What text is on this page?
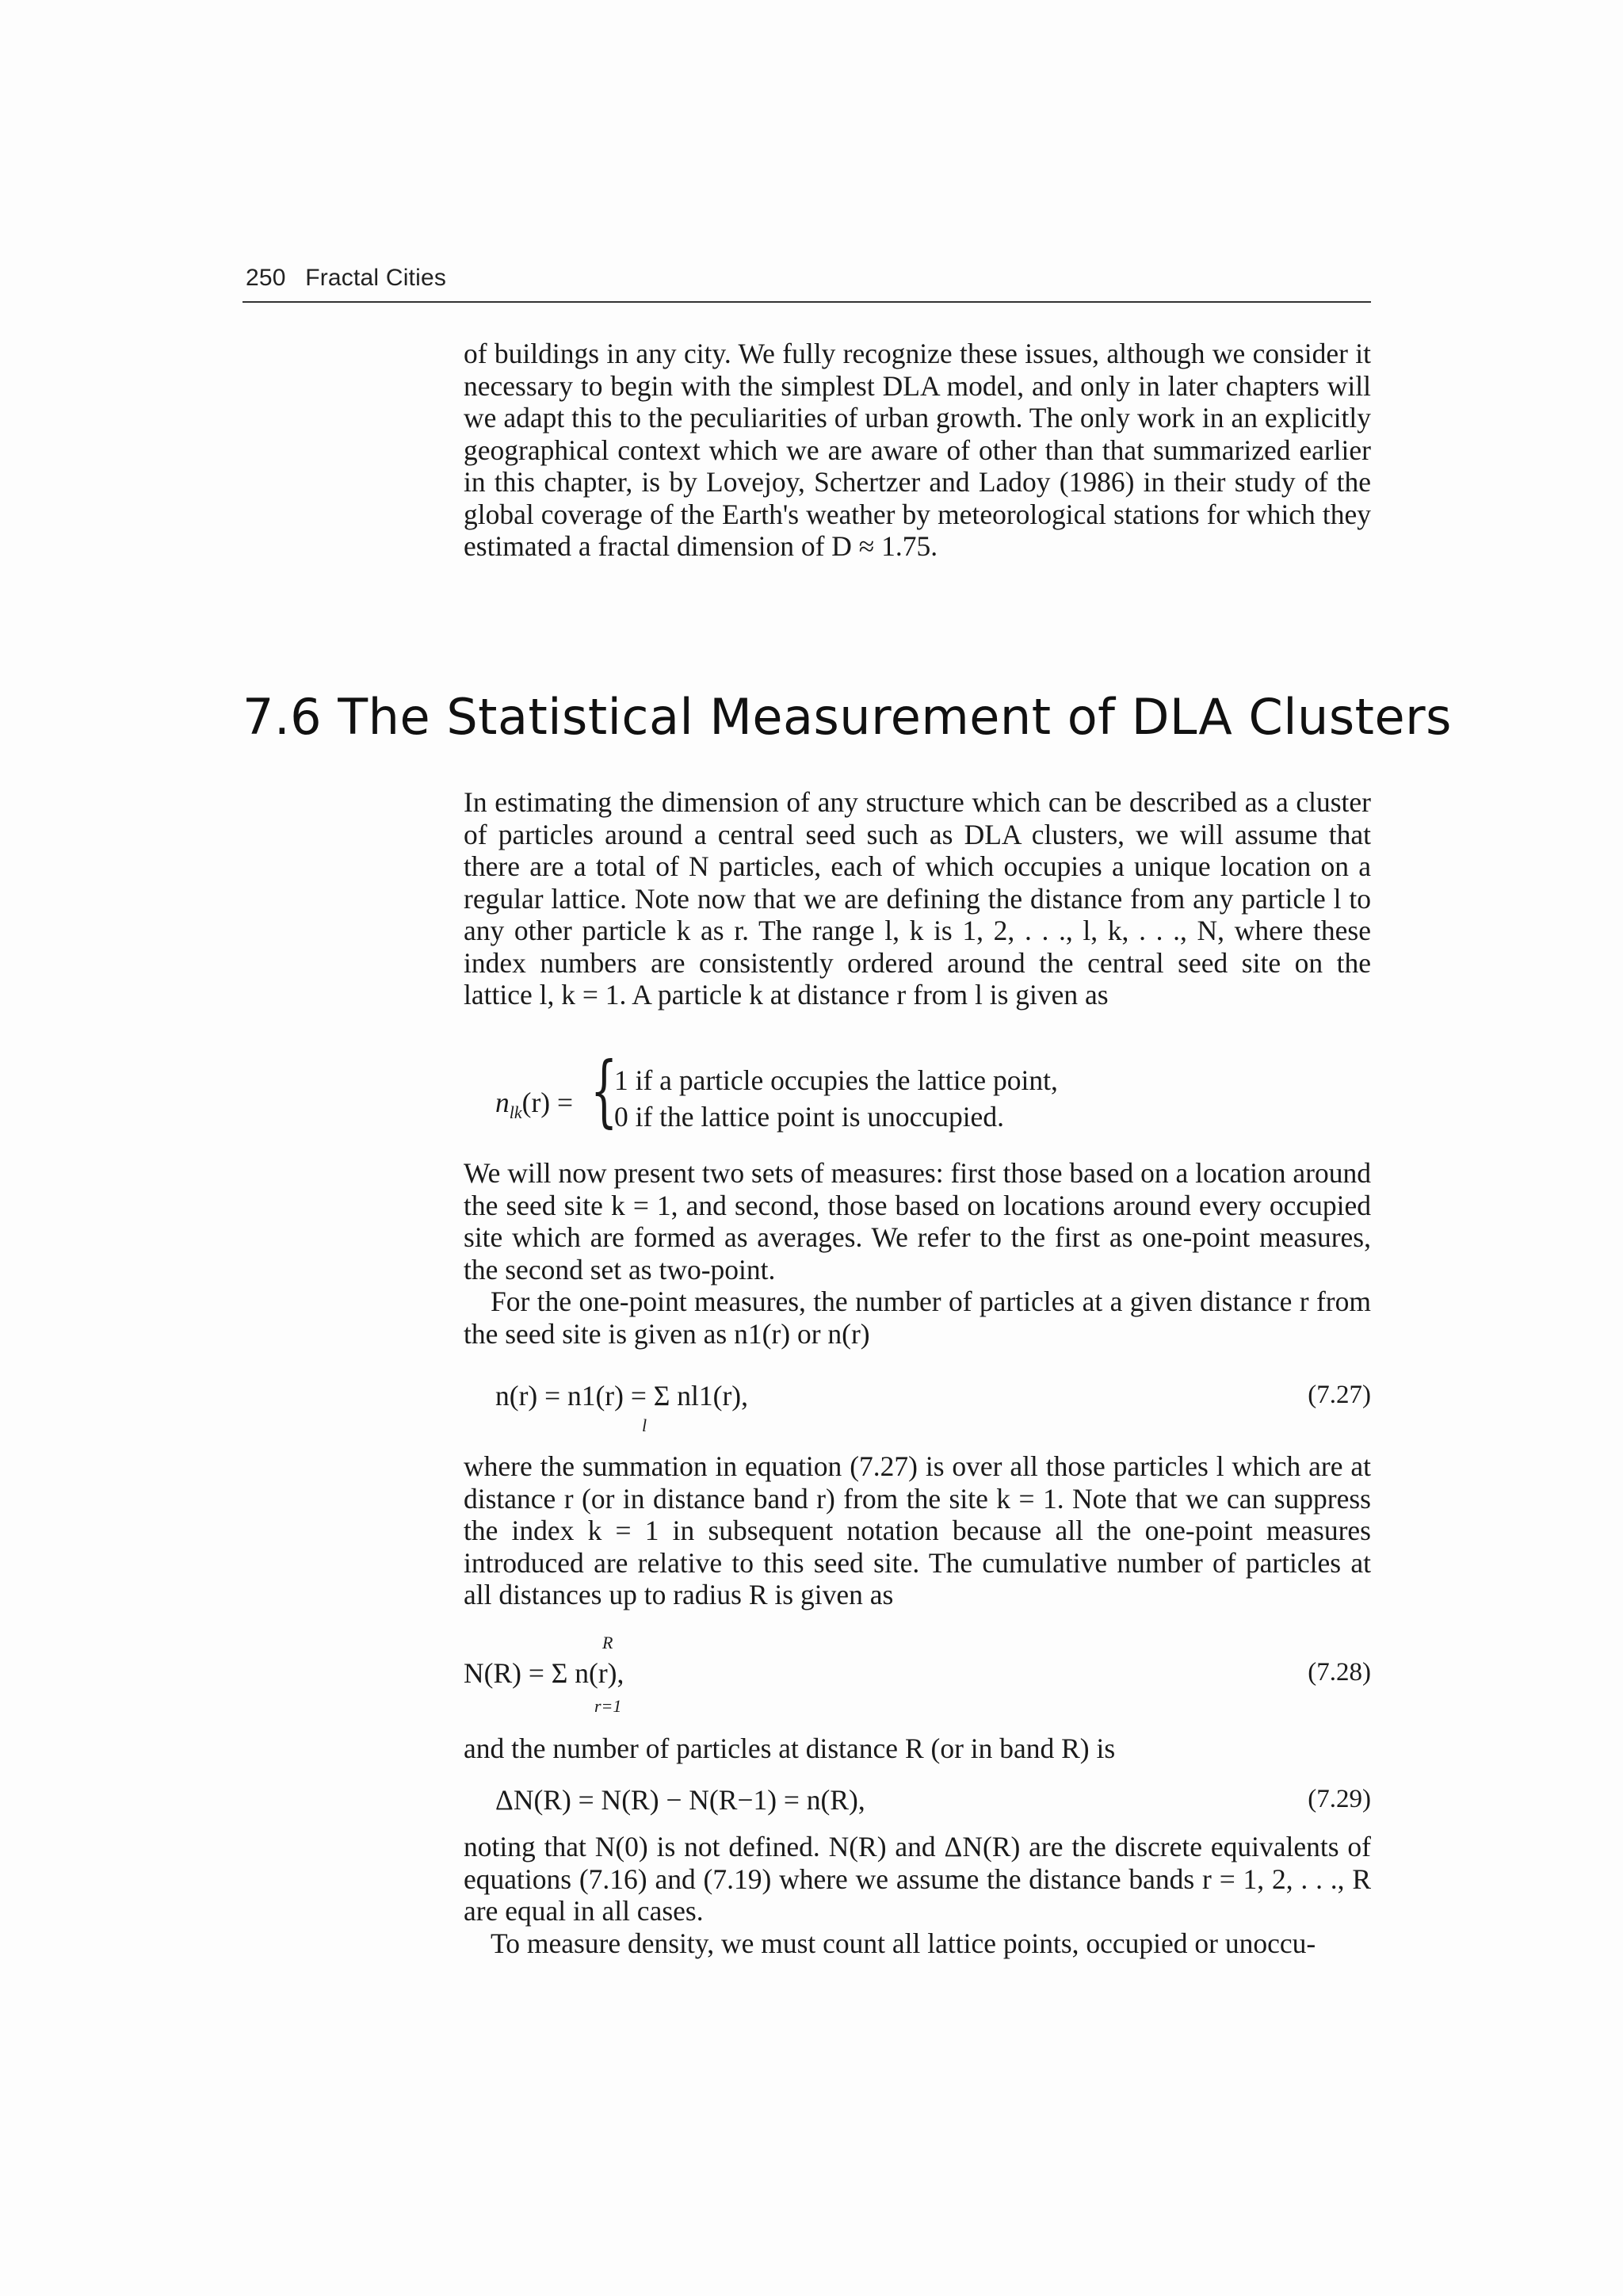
250 Fractal Cities

of buildings in any city. We fully recognize these issues, although we consider it necessary to begin with the simplest DLA model, and only in later chapters will we adapt this to the peculiarities of urban growth. The only work in an explicitly geographical context which we are aware of other than that summarized earlier in this chapter, is by Lovejoy, Schertzer and Ladoy (1986) in their study of the global coverage of the Earth's weather by meteorological stations for which they estimated a fractal dimension of D ≈ 1.75.

7.6 The Statistical Measurement of DLA Clusters

In estimating the dimension of any structure which can be described as a cluster of particles around a central seed such as DLA clusters, we will assume that there are a total of N particles, each of which occupies a unique location on a regular lattice. Note now that we are defining the distance from any particle l to any other particle k as r. The range l, k is 1, 2, . . ., l, k, . . ., N, where these index numbers are consistently ordered around the central seed site on the lattice l, k = 1. A particle k at distance r from l is given as

$n_{lk}(r)$ = {
1 if a particle occupies the lattice point,
0 if the lattice point is unoccupied.

We will now present two sets of measures: first those based on a location around the seed site k = 1, and second, those based on locations around every occupied site which are formed as averages. We refer to the first as one-point measures, the second set as two-point.

For the one-point measures, the number of particles at a given distance r from the seed site is given as n1(r) or n(r)

n(r) = n1(r) = Σ nl1(r),
l
(7.27)

where the summation in equation (7.27) is over all those particles l which are at distance r (or in distance band r) from the site k = 1. Note that we can suppress the index k = 1 in subsequent notation because all the one-point measures introduced are relative to this seed site. The cumulative number of particles at all distances up to radius R is given as

R
N(R) = Σ n(r),
r=1
(7.28)

and the number of particles at distance R (or in band R) is

ΔN(R) = N(R) − N(R−1) = n(R),	(7.29)

noting that N(0) is not defined. N(R) and ΔN(R) are the discrete equivalents of equations (7.16) and (7.19) where we assume the distance bands r = 1, 2, . . ., R are equal in all cases.

To measure density, we must count all lattice points, occupied or unoccu-
